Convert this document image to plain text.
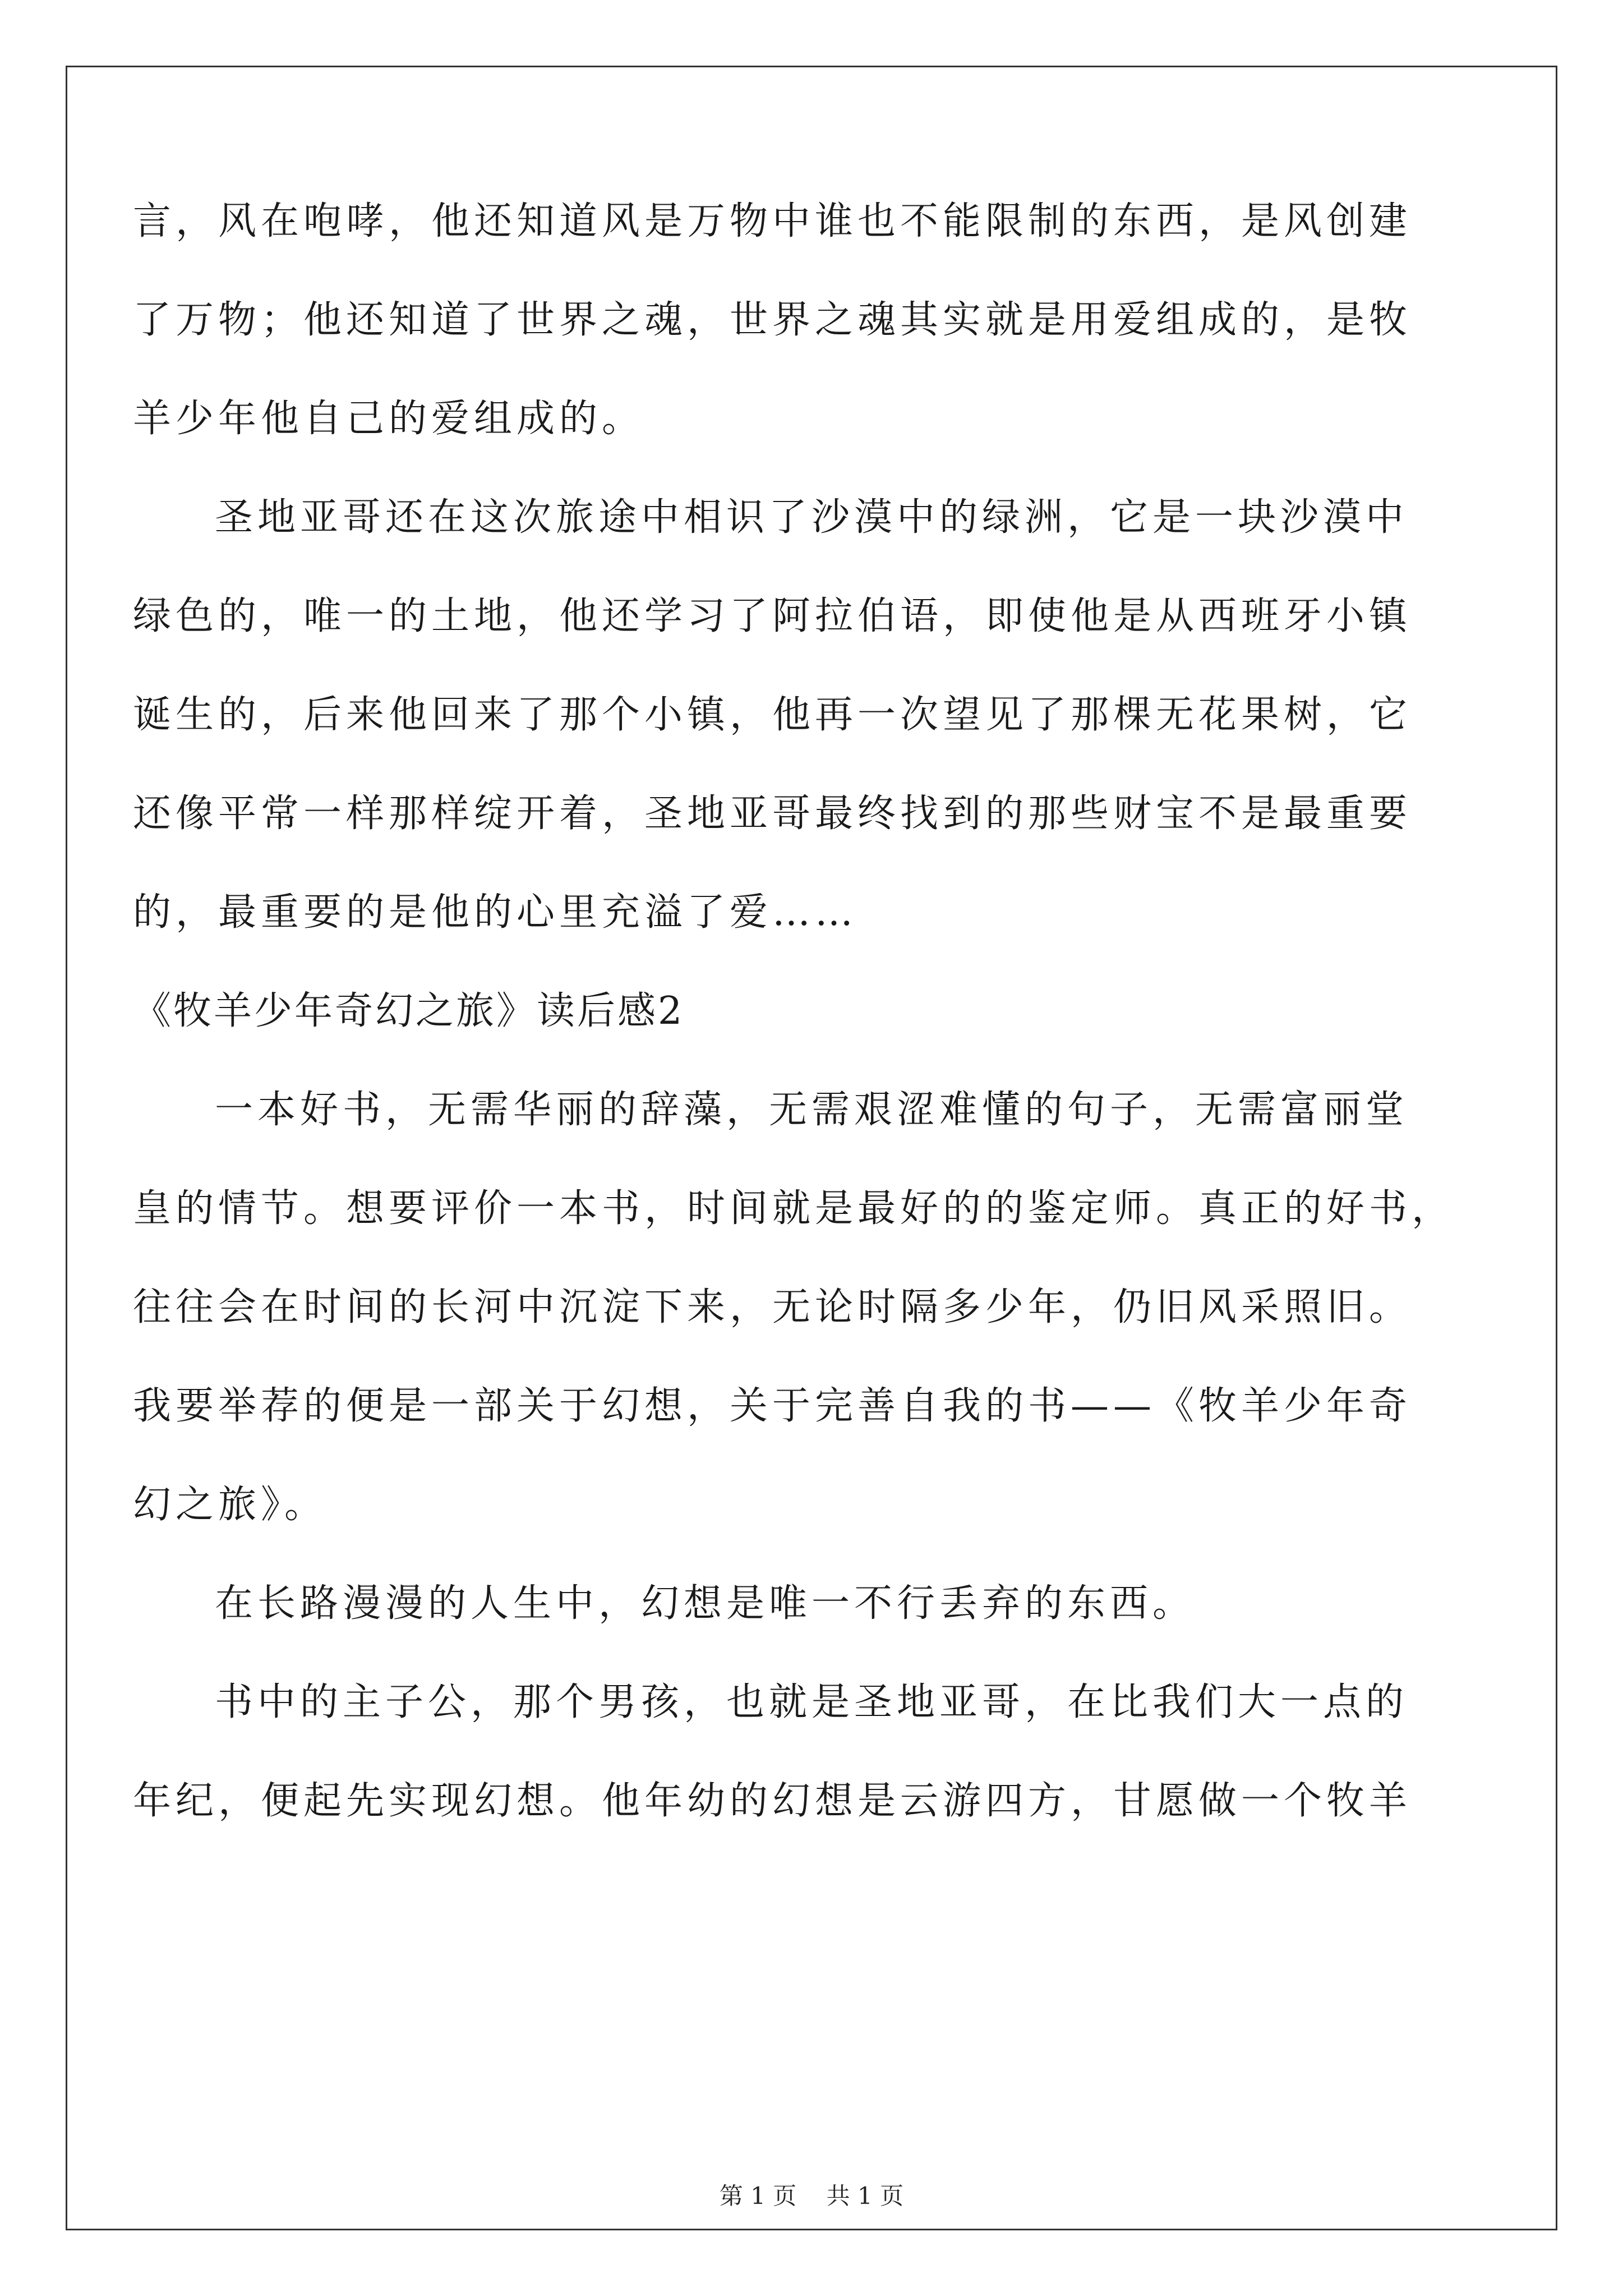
言，风在咆哮，他还知道风是万物中谁也不能限制的东西，是风创建

了万物；他还知道了世界之魂，世界之魂其实就是用爱组成的，是牧

羊少年他自己的爱组成的。

圣地亚哥还在这次旅途中相识了沙漠中的绿洲，它是一块沙漠中

绿色的，唯一的土地，他还学习了阿拉伯语，即使他是从西班牙小镇

诞生的，后来他回来了那个小镇，他再一次望见了那棵无花果树，它

还像平常一样那样绽开着，圣地亚哥最终找到的那些财宝不是最重要

的，最重要的是他的心里充溢了爱……

《牧羊少年奇幻之旅》读后感2

一本好书，无需华丽的辞藻，无需艰涩难懂的句子，无需富丽堂

皇的情节。想要评价一本书，时间就是最好的的鉴定师。真正的好书，

往往会在时间的长河中沉淀下来，无论时隔多少年，仍旧风采照旧。

我要举荐的便是一部关于幻想，关于完善自我的书——《牧羊少年奇

幻之旅》。

在长路漫漫的人生中，幻想是唯一不行丢弃的东西。

书中的主子公，那个男孩，也就是圣地亚哥，在比我们大一点的

年纪，便起先实现幻想。他年幼的幻想是云游四方，甘愿做一个牧羊

第 1 页 共 1 页
